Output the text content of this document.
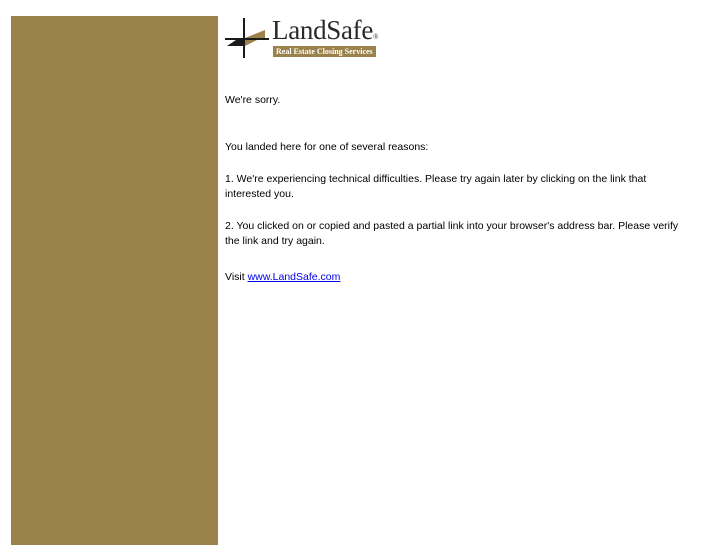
LandSafe®
Real Estate Closing Services

We're sorry.

You landed here for one of several reasons:

1. We're experiencing technical difficulties. Please try again later by clicking on the link that interested you.

2. You clicked on or copied and pasted a partial link into your browser's address bar. Please verify the link and try again.

Visit www.LandSafe.com
